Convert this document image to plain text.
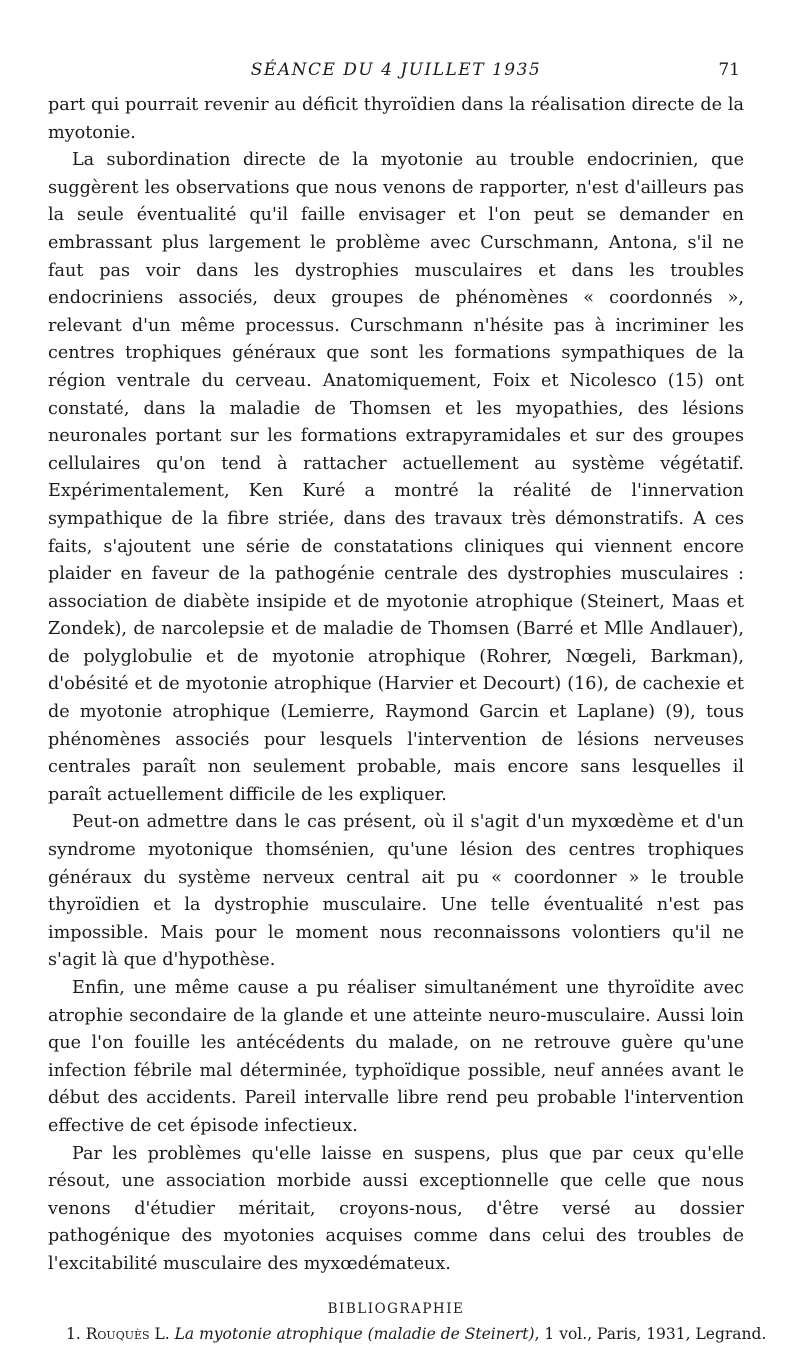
SÉANCE DU 4 JUILLET 1935	71

part qui pourrait revenir au déficit thyroïdien dans la réalisation directe de la myotonie.

La subordination directe de la myotonie au trouble endocrinien, que suggèrent les observations que nous venons de rapporter, n'est d'ailleurs pas la seule éventualité qu'il faille envisager et l'on peut se demander en embrassant plus largement le problème avec Curschmann, Antona, s'il ne faut pas voir dans les dystrophies musculaires et dans les troubles endocriniens associés, deux groupes de phénomènes « coordonnés », relevant d'un même processus. Curschmann n'hésite pas à incriminer les centres trophiques généraux que sont les formations sympathiques de la région ventrale du cerveau. Anatomiquement, Foix et Nicolesco (15) ont constaté, dans la maladie de Thomsen et les myopathies, des lésions neuronales portant sur les formations extrapyramidales et sur des groupes cellulaires qu'on tend à rattacher actuellement au système végétatif. Expérimentalement, Ken Kuré a montré la réalité de l'innervation sympathique de la fibre striée, dans des travaux très démonstratifs. A ces faits, s'ajoutent une série de constatations cliniques qui viennent encore plaider en faveur de la pathogénie centrale des dystrophies musculaires : association de diabète insipide et de myotonie atrophique (Steinert, Maas et Zondek), de narcolepsie et de maladie de Thomsen (Barré et Mlle Andlauer), de polyglobulie et de myotonie atrophique (Rohrer, Nœgeli, Barkman), d'obésité et de myotonie atrophique (Harvier et Decourt) (16), de cachexie et de myotonie atrophique (Lemierre, Raymond Garcin et Laplane) (9), tous phénomènes associés pour lesquels l'intervention de lésions nerveuses centrales paraît non seulement probable, mais encore sans lesquelles il paraît actuellement difficile de les expliquer.

Peut-on admettre dans le cas présent, où il s'agit d'un myxœdème et d'un syndrome myotonique thomsénien, qu'une lésion des centres trophiques généraux du système nerveux central ait pu « coordonner » le trouble thyroïdien et la dystrophie musculaire. Une telle éventualité n'est pas impossible. Mais pour le moment nous reconnaissons volontiers qu'il ne s'agit là que d'hypothèse.

Enfin, une même cause a pu réaliser simultanément une thyroïdite avec atrophie secondaire de la glande et une atteinte neuro-musculaire. Aussi loin que l'on fouille les antécédents du malade, on ne retrouve guère qu'une infection fébrile mal déterminée, typhoïdique possible, neuf années avant le début des accidents. Pareil intervalle libre rend peu probable l'intervention effective de cet épisode infectieux.

Par les problèmes qu'elle laisse en suspens, plus que par ceux qu'elle résout, une association morbide aussi exceptionnelle que celle que nous venons d'étudier méritait, croyons-nous, d'être versé au dossier pathogénique des myotonies acquises comme dans celui des troubles de l'excitabilité musculaire des myxœdémateux.

BIBLIOGRAPHIE
1. Rouquès L. La myotonie atrophique (maladie de Steinert), 1 vol., Paris, 1931, Legrand.
